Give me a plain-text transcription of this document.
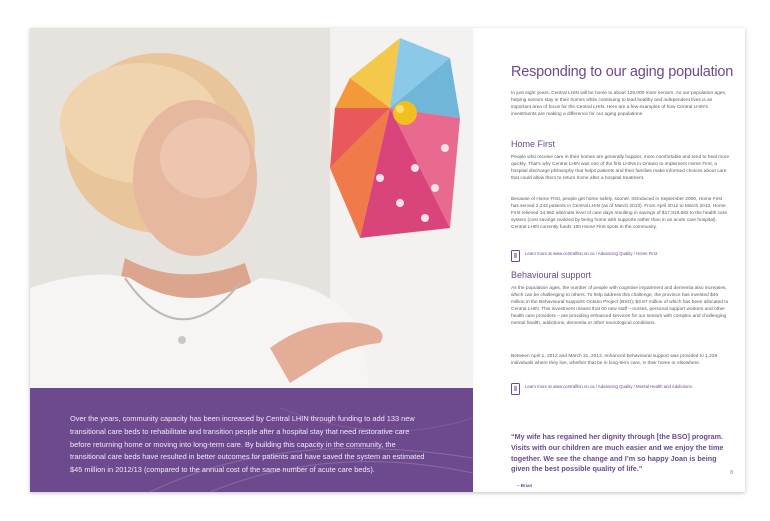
Over the years, community capacity has been increased by Central LHIN through funding to add 133 new transitional care beds to rehabilitate and transition people after a hospital stay that need restorative care before returning home or moving into long-term care. By building this capacity in the community, the transitional care beds have resulted in better outcomes for patients and have saved the system an estimated $45 million in 2012/13 (compared to the annual cost of the same number of acute care beds).

Responding to our aging population

In just eight years, Central LHIN will be home to about 128,000 more seniors. As our population ages, helping seniors stay in their homes while continuing to lead healthy and independent lives is an important area of focus for the Central LHIN. Here are a few examples of how Central LHIN's investments are making a difference for our aging populations.

Home First

People who receive care in their homes are generally happier, more comfortable and tend to heal more quickly. That's why Central LHIN was one of the first LHINs in Ontario to implement Home First, a hospital discharge philosophy that helps patients and their families make informed choices about care that could allow them to return home after a hospital treatment.

Because of Home First, people get home safely, sooner. Introduced in September 2009, Home First has served 2,243 patients in Central LHIN (as of March 2013). From April 2012 to March 2013, Home First relieved 34,952 alternate level of care days resulting in savings of $17,819,682 to the health care system (cost savings realized by being home with supports rather than in an acute care hospital). Central LHIN currently funds 180 Home First spots in the community.

Learn more at www.centrallhin.on.ca / Advancing Quality / Home First.
Behavioural support

As the population ages, the number of people with cognitive impairment and dementia also increases, which can be challenging to others. To help address this challenge, the province has invested $40 million in the Behavioural Supports Ontario Project (BSO); $3.97 million of which has been allocated to Central LHIN. This investment means that 60 new staff – nurses, personal support workers and other health care providers – are providing enhanced services for our seniors with complex and challenging mental health, addictions, dementia or other neurological conditions.

Between April 1, 2012 and March 31, 2013, enhanced behavioural support was provided to 1,229 individuals where they live, whether that be in long-term care, in their home or elsewhere.

Learn more at www.centrallhin.on.ca / Advancing Quality / Mental Health and Addictions.

“My wife has regained her dignity through [the BSO] program. Visits with our children are much easier and we enjoy the time together. We see the change and I’m so happy Joan is being given the best possible quality of life.”

– Brian
8
